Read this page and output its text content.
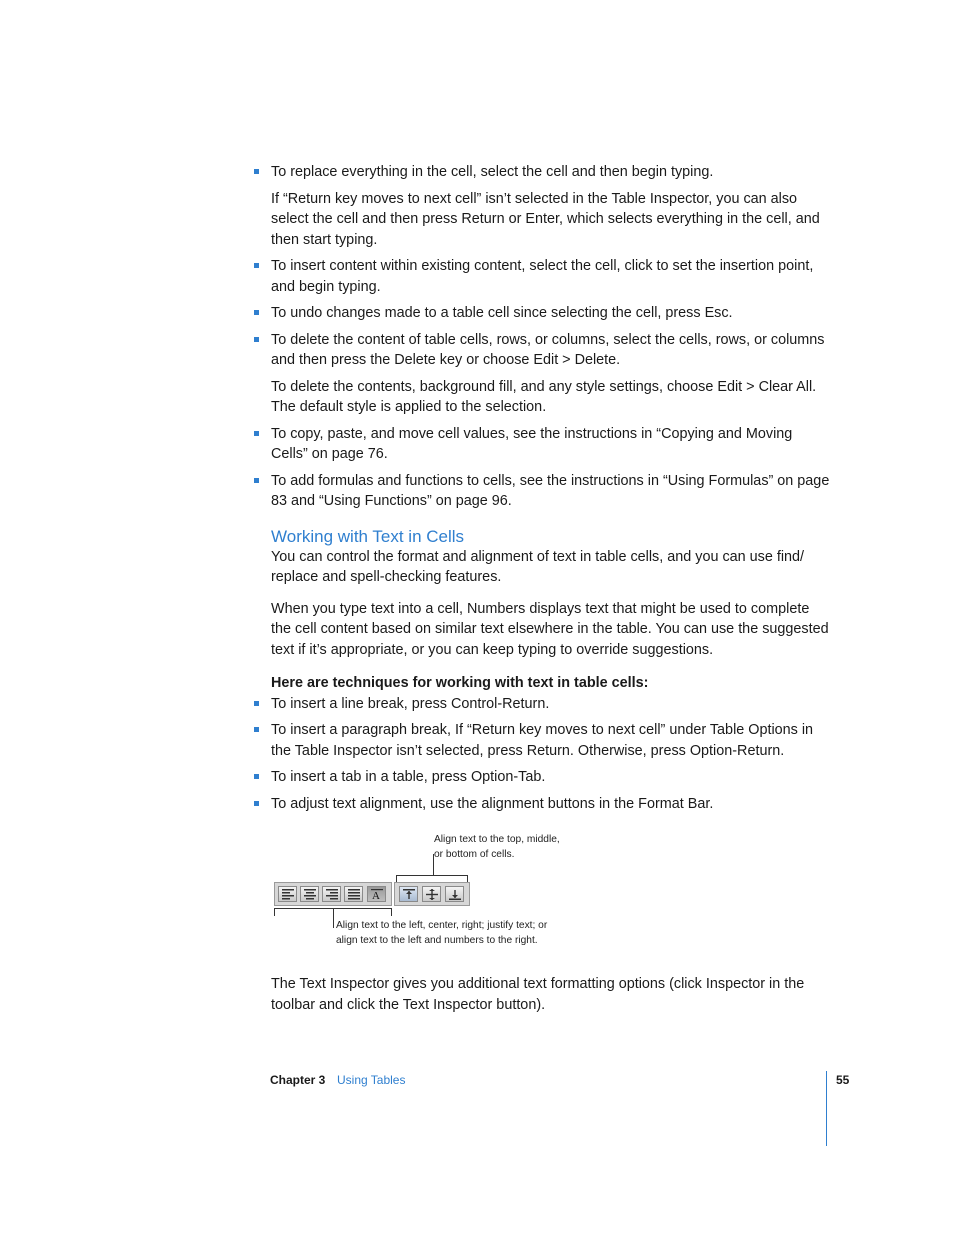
To replace everything in the cell, select the cell and then begin typing.
If “Return key moves to next cell” isn’t selected in the Table Inspector, you can also select the cell and then press Return or Enter, which selects everything in the cell, and then start typing.
To insert content within existing content, select the cell, click to set the insertion point, and begin typing.
To undo changes made to a table cell since selecting the cell, press Esc.
To delete the content of table cells, rows, or columns, select the cells, rows, or columns and then press the Delete key or choose Edit > Delete.
To delete the contents, background fill, and any style settings, choose Edit > Clear All. The default style is applied to the selection.
To copy, paste, and move cell values, see the instructions in “Copying and Moving Cells” on page 76.
To add formulas and functions to cells, see the instructions in “Using Formulas” on page 83 and “Using Functions” on page 96.
Working with Text in Cells
You can control the format and alignment of text in table cells, and you can use find/ replace and spell-checking features.
When you type text into a cell, Numbers displays text that might be used to complete the cell content based on similar text elsewhere in the table. You can use the suggested text if it’s appropriate, or you can keep typing to override suggestions.
Here are techniques for working with text in table cells:
To insert a line break, press Control-Return.
To insert a paragraph break, If “Return key moves to next cell” under Table Options in the Table Inspector isn’t selected, press Return. Otherwise, press Option-Return.
To insert a tab in a table, press Option-Tab.
To adjust text alignment, use the alignment buttons in the Format Bar.
Align text to the top, middle,
or bottom of cells.
A
Align text to the left, center, right; justify text; or
align text to the left and numbers to the right.
The Text Inspector gives you additional text formatting options (click Inspector in the toolbar and click the Text Inspector button).
Chapter 3 Using Tables	55
